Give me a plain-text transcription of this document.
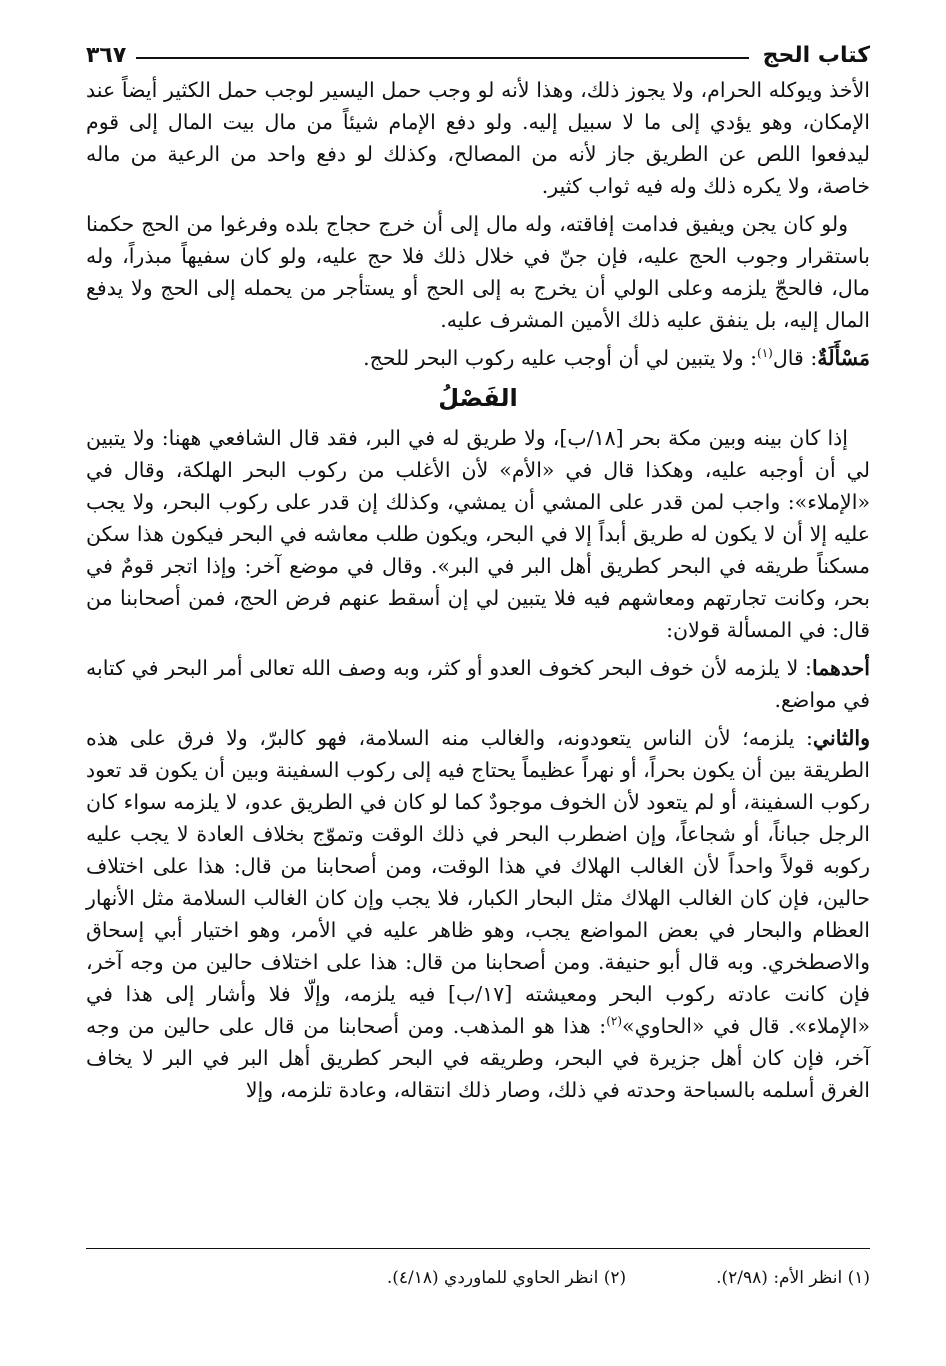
كتاب الحج
٣٦٧

الأخذ ويوكله الحرام، ولا يجوز ذلك، وهذا لأنه لو وجب حمل اليسير لوجب حمل الكثير أيضاً عند الإمكان، وهو يؤدي إلى ما لا سبيل إليه. ولو دفع الإمام شيئاً من مال بيت المال إلى قوم ليدفعوا اللص عن الطريق جاز لأنه من المصالح، وكذلك لو دفع واحد من الرعية من ماله خاصة، ولا يكره ذلك وله فيه ثواب كثير.

ولو كان يجن ويفيق فدامت إفاقته، وله مال إلى أن خرج حجاج بلده وفرغوا من الحج حكمنا باستقرار وجوب الحج عليه، فإن جنّ في خلال ذلك فلا حج عليه، ولو كان سفيهاً مبذراً، وله مال، فالحجّ يلزمه وعلى الولي أن يخرج به إلى الحج أو يستأجر من يحمله إلى الحج ولا يدفع المال إليه، بل ينفق عليه ذلك الأمين المشرف عليه.

مَسْأَلَةٌ: قال$^{(١)}$: ولا يتبين لي أن أوجب عليه ركوب البحر للحج.

الفَصْلُ

إذا كان بينه وبين مكة بحر [١٨/ب]، ولا طريق له في البر، فقد قال الشافعي ههنا: ولا يتبين لي أن أوجبه عليه، وهكذا قال في «الأم» لأن الأغلب من ركوب البحر الهلكة، وقال في «الإملاء»: واجب لمن قدر على المشي أن يمشي، وكذلك إن قدر على ركوب البحر، ولا يجب عليه إلا أن لا يكون له طريق أبداً إلا في البحر، ويكون طلب معاشه في البحر فيكون هذا سكن مسكناً طريقه في البحر كطريق أهل البر في البر». وقال في موضع آخر: وإذا اتجر قومٌ في بحر، وكانت تجارتهم ومعاشهم فيه فلا يتبين لي إن أسقط عنهم فرض الحج، فمن أصحابنا من قال: في المسألة قولان:

أحدهما: لا يلزمه لأن خوف البحر كخوف العدو أو كثر، وبه وصف الله تعالى أمر البحر في كتابه في مواضع.

والثاني: يلزمه؛ لأن الناس يتعودونه، والغالب منه السلامة، فهو كالبرّ، ولا فرق على هذه الطريقة بين أن يكون بحراً، أو نهراً عظيماً يحتاج فيه إلى ركوب السفينة وبين أن يكون قد تعود ركوب السفينة، أو لم يتعود لأن الخوف موجودٌ كما لو كان في الطريق عدو، لا يلزمه سواء كان الرجل جباناً، أو شجاعاً، وإن اضطرب البحر في ذلك الوقت وتموّج بخلاف العادة لا يجب عليه ركوبه قولاً واحداً لأن الغالب الهلاك في هذا الوقت، ومن أصحابنا من قال: هذا على اختلاف حالين، فإن كان الغالب الهلاك مثل البحار الكبار، فلا يجب وإن كان الغالب السلامة مثل الأنهار العظام والبحار في بعض المواضع يجب، وهو ظاهر عليه في الأمر، وهو اختيار أبي إسحاق والاصطخري. وبه قال أبو حنيفة. ومن أصحابنا من قال: هذا على اختلاف حالين من وجه آخر، فإن كانت عادته ركوب البحر ومعيشته [١٧/ب] فيه يلزمه، وإلّا فلا وأشار إلى هذا في «الإملاء». قال في «الحاوي»$^{(٢)}$: هذا هو المذهب. ومن أصحابنا من قال على حالين من وجه آخر، فإن كان أهل جزيرة في البحر، وطريقه في البحر كطريق أهل البر في البر لا يخاف الغرق أسلمه بالسباحة وحدته في ذلك، وصار ذلك انتقاله، وعادة تلزمه، وإلا

(١) انظر الأم: (٢/٩٨).
(٢) انظر الحاوي للماوردي (٤/١٨).
